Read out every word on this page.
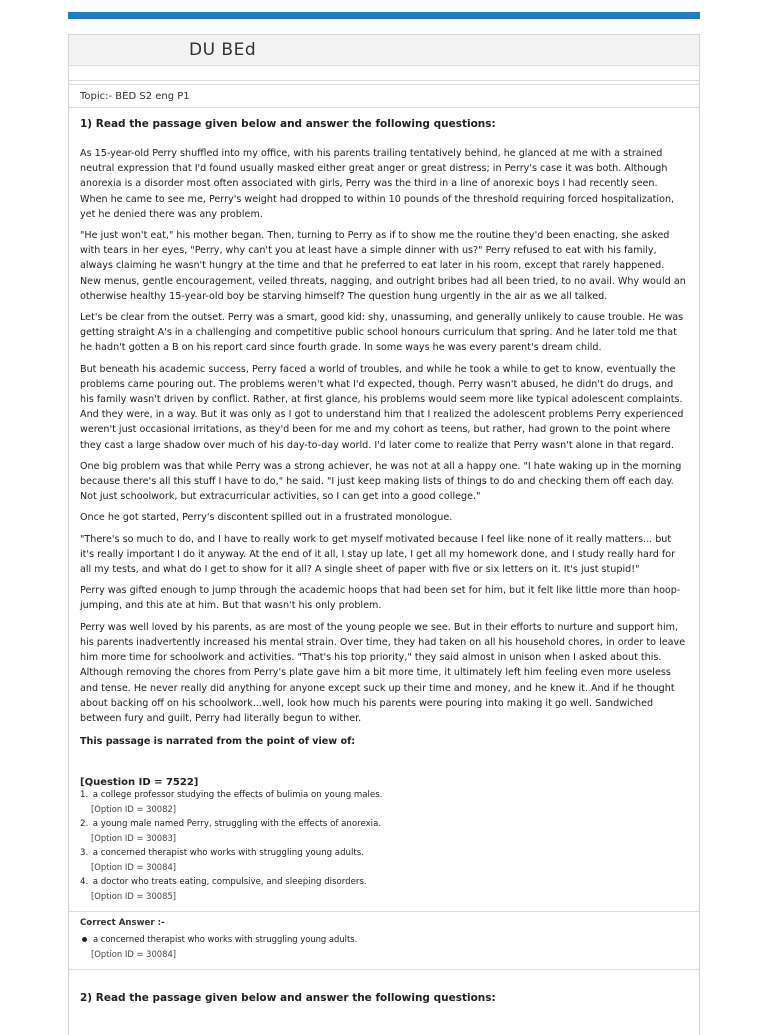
DU BEd
Topic:- BED S2 eng P1
1) Read the passage given below and answer the following questions:

As 15-year-old Perry shuffled into my office, with his parents trailing tentatively behind, he glanced at me with a strained neutral expression that I'd found usually masked either great anger or great distress; in Perry's case it was both. Although anorexia is a disorder most often associated with girls, Perry was the third in a line of anorexic boys I had recently seen. When he came to see me, Perry's weight had dropped to within 10 pounds of the threshold requiring forced hospitalization, yet he denied there was any problem.

"He just won't eat," his mother began. Then, turning to Perry as if to show me the routine they'd been enacting, she asked with tears in her eyes, "Perry, why can't you at least have a simple dinner with us?" Perry refused to eat with his family, always claiming he wasn't hungry at the time and that he preferred to eat later in his room, except that rarely happened. New menus, gentle encouragement, veiled threats, nagging, and outright bribes had all been tried, to no avail. Why would an otherwise healthy 15-year-old boy be starving himself? The question hung urgently in the air as we all talked.

Let's be clear from the outset. Perry was a smart, good kid: shy, unassuming, and generally unlikely to cause trouble. He was getting straight A's in a challenging and competitive public school honours curriculum that spring. And he later told me that he hadn't gotten a B on his report card since fourth grade. In some ways he was every parent's dream child.

But beneath his academic success, Perry faced a world of troubles, and while he took a while to get to know, eventually the problems came pouring out. The problems weren't what I'd expected, though. Perry wasn't abused, he didn't do drugs, and his family wasn't driven by conflict. Rather, at first glance, his problems would seem more like typical adolescent complaints. And they were, in a way. But it was only as I got to understand him that I realized the adolescent problems Perry experienced weren't just occasional irritations, as they'd been for me and my cohort as teens, but rather, had grown to the point where they cast a large shadow over much of his day-to-day world. I'd later come to realize that Perry wasn't alone in that regard.

One big problem was that while Perry was a strong achiever, he was not at all a happy one. "I hate waking up in the morning because there's all this stuff I have to do," he said. "I just keep making lists of things to do and checking them off each day. Not just schoolwork, but extracurricular activities, so I can get into a good college."

Once he got started, Perry's discontent spilled out in a frustrated monologue.

"There's so much to do, and I have to really work to get myself motivated because I feel like none of it really matters... but it's really important I do it anyway. At the end of it all, I stay up late, I get all my homework done, and I study really hard for all my tests, and what do I get to show for it all? A single sheet of paper with five or six letters on it. It's just stupid!"

Perry was gifted enough to jump through the academic hoops that had been set for him, but it felt like little more than hoop-jumping, and this ate at him. But that wasn't his only problem.

Perry was well loved by his parents, as are most of the young people we see. But in their efforts to nurture and support him, his parents inadvertently increased his mental strain. Over time, they had taken on all his household chores, in order to leave him more time for schoolwork and activities. "That's his top priority," they said almost in unison when I asked about this. Although removing the chores from Perry's plate gave him a bit more time, it ultimately left him feeling even more useless and tense. He never really did anything for anyone except suck up their time and money, and he knew it. And if he thought about backing off on his schoolwork...well, look how much his parents were pouring into making it go well. Sandwiched between fury and guilt, Perry had literally begun to wither.

This passage is narrated from the point of view of:

[Question ID = 7522]
1. a college professor studying the effects of bulimia on young males.
[Option ID = 30082]
2. a young male named Perry, struggling with the effects of anorexia.
[Option ID = 30083]
3. a concerned therapist who works with struggling young adults.
[Option ID = 30084]
4. a doctor who treats eating, compulsive, and sleeping disorders.
[Option ID = 30085]
Correct Answer :-
a concerned therapist who works with struggling young adults.
[Option ID = 30084]
2) Read the passage given below and answer the following questions:
